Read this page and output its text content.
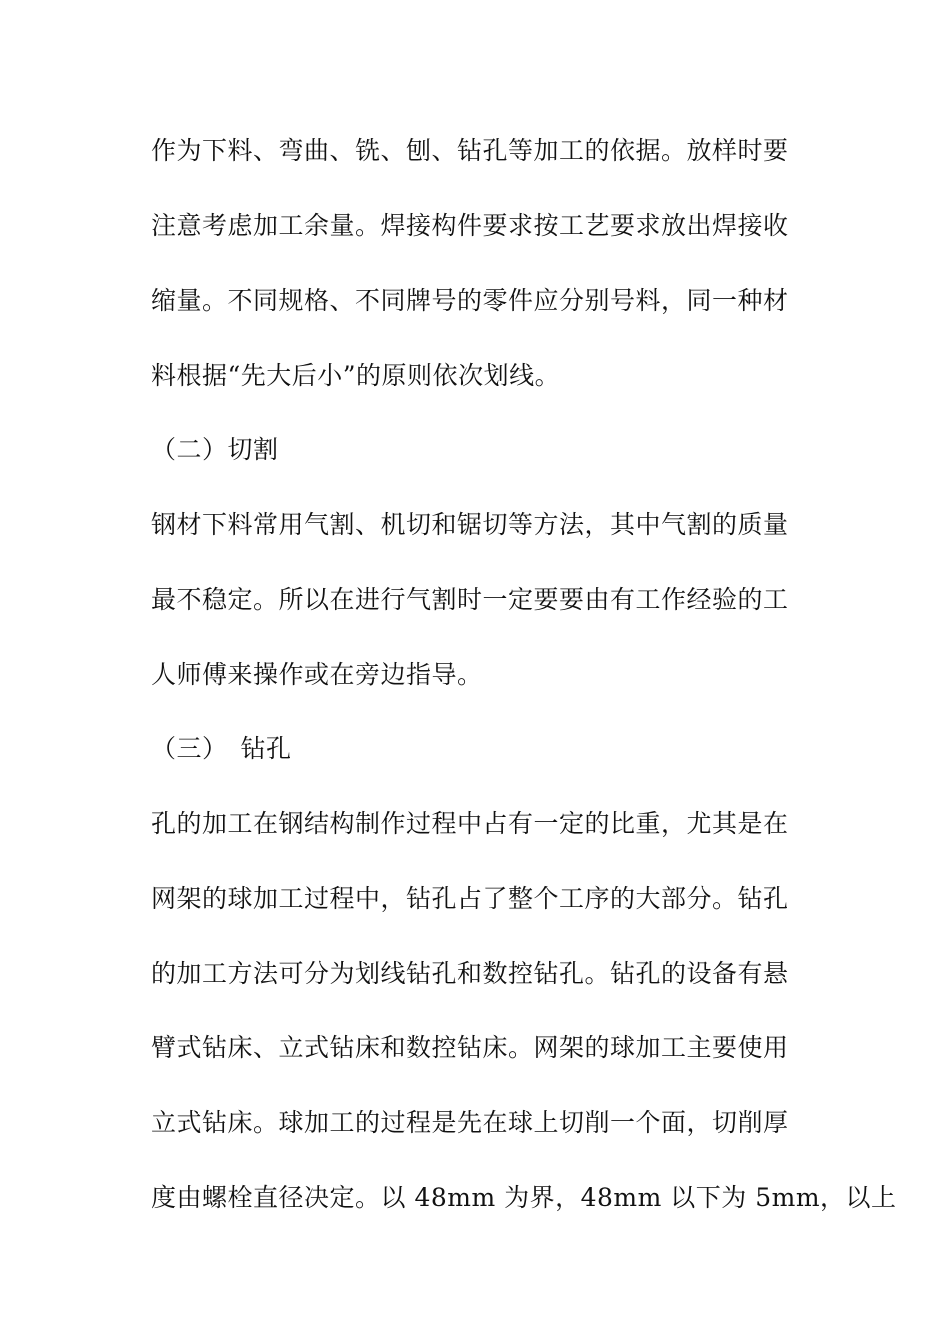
作为下料、弯曲、铣、刨、钻孔等加工的依据。放样时要
注意考虑加工余量。焊接构件要求按工艺要求放出焊接收
缩量。不同规格、不同牌号的零件应分别号料，同一种材
料根据“先大后小”的原则依次划线。
（二）切割
钢材下料常用气割、机切和锯切等方法，其中气割的质量
最不稳定。所以在进行气割时一定要要由有工作经验的工
人师傅来操作或在旁边指导。
（三）　钻孔
孔的加工在钢结构制作过程中占有一定的比重，尤其是在
网架的球加工过程中，钻孔占了整个工序的大部分。钻孔
的加工方法可分为划线钻孔和数控钻孔。钻孔的设备有悬
臂式钻床、立式钻床和数控钻床。网架的球加工主要使用
立式钻床。球加工的过程是先在球上切削一个面，切削厚
度由螺栓直径决定。以 48mm 为界，48mm 以下为 5mm，以上
